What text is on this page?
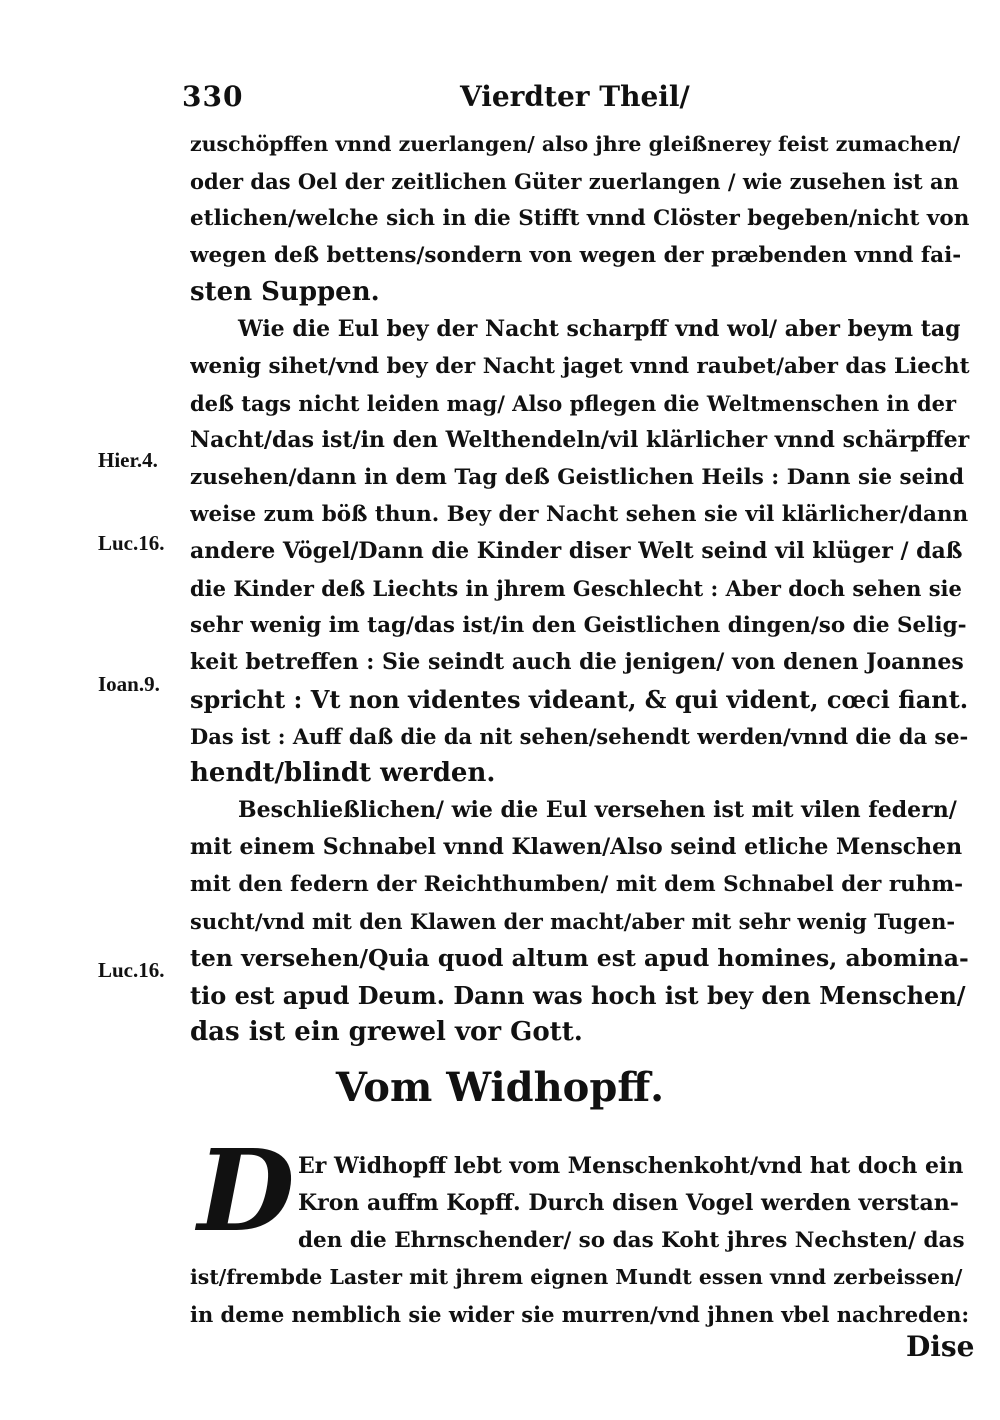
330	Vierdter Theil/
zuschöpffen vnnd zuerlangen/ also jhre gleißnerey feist zumachen/
oder das Oel der zeitlichen Güter zuerlangen / wie zusehen ist an
etlichen/welche sich in die Stifft vnnd Clöster begeben/nicht von
wegen deß bettens/sondern von wegen der præbenden vnnd fai-
sten Suppen.
Wie die Eul bey der Nacht scharpff vnd wol/ aber beym tag
wenig sihet/vnd bey der Nacht jaget vnnd raubet/aber das Liecht
deß tags nicht leiden mag/ Also pflegen die Weltmenschen in der
Nacht/das ist/in den Welthendeln/vil klärlicher vnnd schärpffer
zusehen/dann in dem Tag deß Geistlichen Heils : Dann sie seind
weise zum böß thun. Bey der Nacht sehen sie vil klärlicher/dann
andere Vögel/Dann die Kinder diser Welt seind vil klüger / daß
die Kinder deß Liechts in jhrem Geschlecht : Aber doch sehen sie
sehr wenig im tag/das ist/in den Geistlichen dingen/so die Selig-
keit betreffen : Sie seindt auch die jenigen/ von denen Joannes
spricht : Vt non videntes videant, & qui vident, cœci fiant.
Das ist : Auff daß die da nit sehen/sehendt werden/vnnd die da se-
hendt/blindt werden.
Beschließlichen/ wie die Eul versehen ist mit vilen federn/
mit einem Schnabel vnnd Klawen/Also seind etliche Menschen
mit den federn der Reichthumben/ mit dem Schnabel der ruhm-
sucht/vnd mit den Klawen der macht/aber mit sehr wenig Tugen-
ten versehen/Quia quod altum est apud homines, abomina-
tio est apud Deum. Dann was hoch ist bey den Menschen/
das ist ein grewel vor Gott.
Hier.4.
Luc.16.
Ioan.9.
Luc.16.
Vom Widhopff.
D Er Widhopff lebt vom Menschenkoht/vnd hat doch ein
Kron auffm Kopff. Durch disen Vogel werden verstan-
den die Ehrnschender/ so das Koht jhres Nechsten/ das
ist/frembde Laster mit jhrem eignen Mundt essen vnnd zerbeissen/
in deme nemblich sie wider sie murren/vnd jhnen vbel nachreden:
Dise
